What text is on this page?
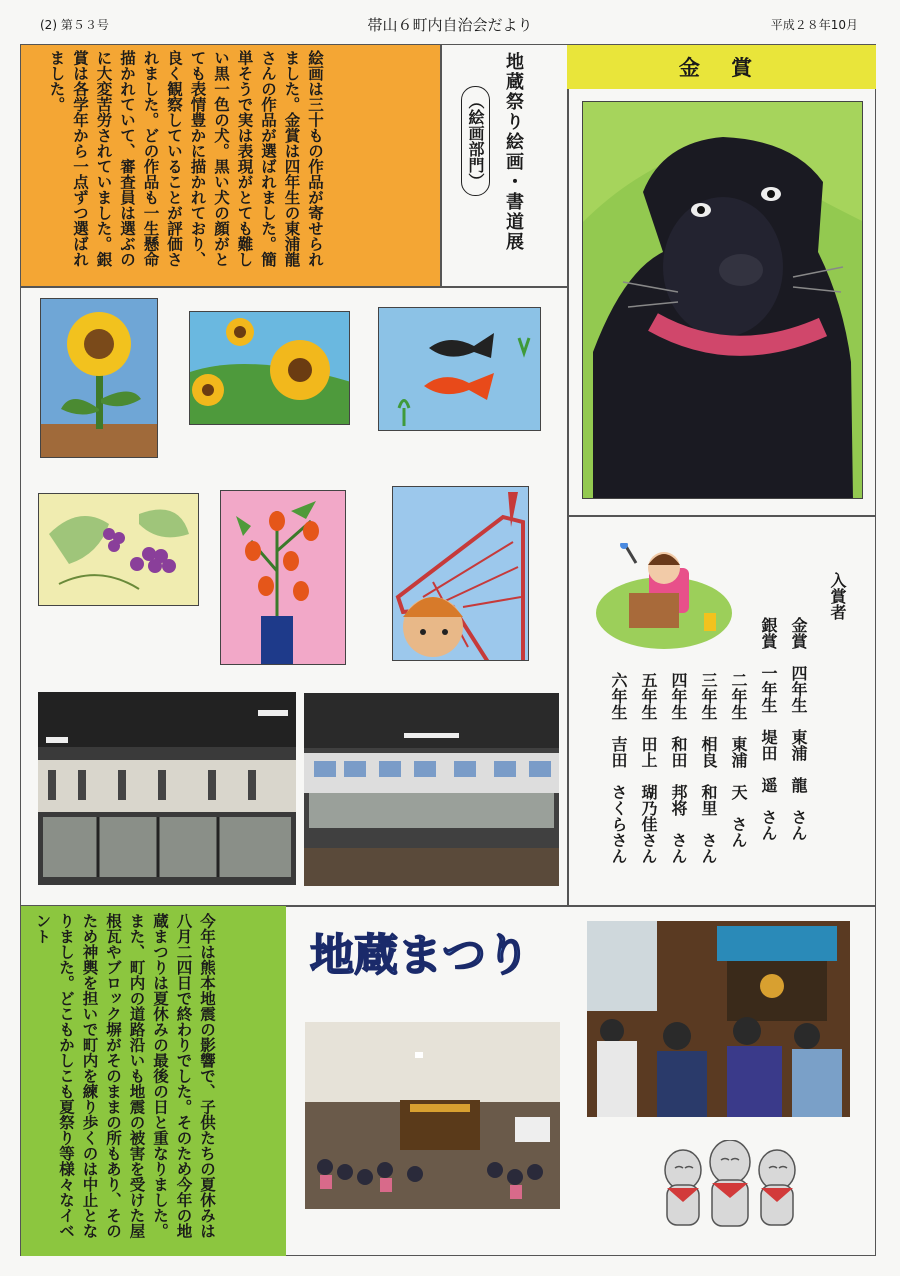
(2) 第５３号	帯山６町内自治会だより	平成２８年10月
絵画は三十もの作品が寄せられました。金賞は四年生の東浦龍さんの作品が選ばれました。簡単そうで実は表現がとても難しい黒一色の犬。黒い犬の顔がとても表情豊かに描かれており、良く観察していることが評価されました。どの作品も一生懸命描かれていて、審査員は選ぶのに大変苦労されていました。銀賞は各学年から一点ずつ選ばれました。	地蔵祭り絵画・書道展
（絵画部門）
金 賞
入賞者
金賞　四年生　東浦　龍　さん
銀賞　一年生　堤田　遥　さん
二年生　東浦　天　さん
三年生　相良　和里　さん
四年生　和田　邦将　さん
五年生　田上　瑚乃佳さん
六年生　吉田　さくらさん
今年は熊本地震の影響で、子供たちの夏休みは八月二四日で終わりでした。そのため今年の地蔵まつりは夏休みの最後の日と重なりました。また、町内の道路沿いも地震の被害を受けた屋根瓦やブロック塀がそのままの所もあり、そのため神輿を担いで町内を練り歩くのは中止となりました。どこもかしこも夏祭り等様々なイベント
地蔵まつり
